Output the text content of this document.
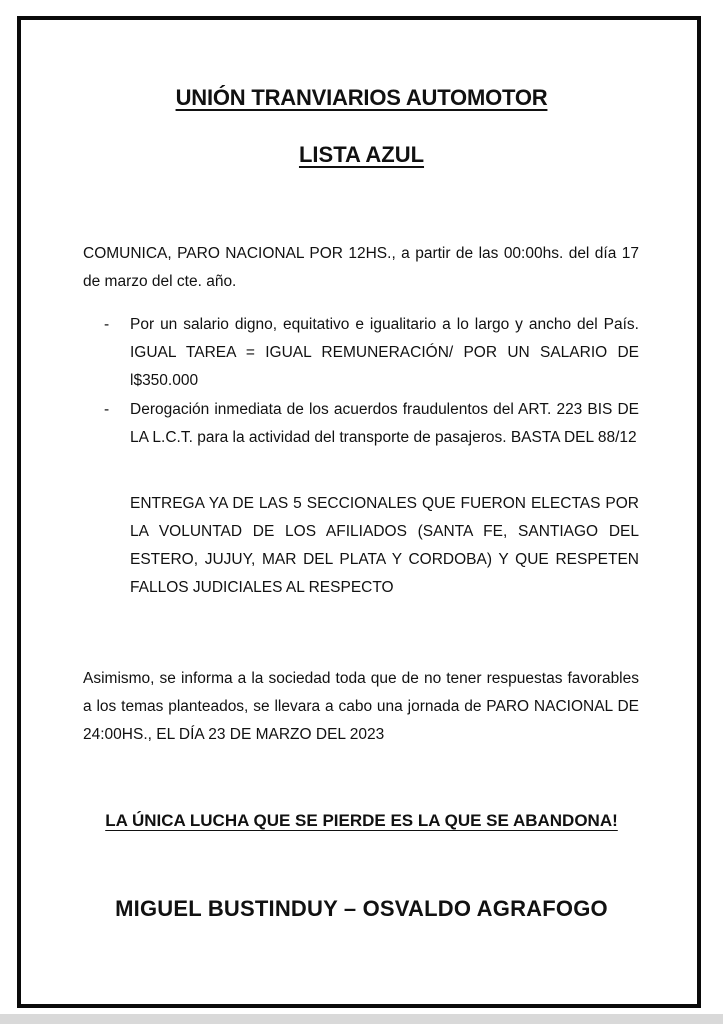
UNIÓN TRANVIARIOS AUTOMOTOR
LISTA AZUL
COMUNICA, PARO NACIONAL POR 12HS., a partir de las 00:00hs. del día 17 de marzo del cte. año.
- Por un salario digno, equitativo e igualitario a lo largo y ancho del País. IGUAL TAREA = IGUAL REMUNERACIÓN/ POR UN SALARIO DE l$350.000
- Derogación inmediata de los acuerdos fraudulentos del ART. 223 BIS DE LA L.C.T. para la actividad del transporte de pasajeros. BASTA DEL 88/12
ENTREGA YA DE LAS 5 SECCIONALES QUE FUERON ELECTAS POR LA VOLUNTAD DE LOS AFILIADOS (SANTA FE, SANTIAGO DEL ESTERO, JUJUY, MAR DEL PLATA Y CORDOBA) Y QUE RESPETEN FALLOS JUDICIALES AL RESPECTO
Asimismo, se informa a la sociedad toda que de no tener respuestas favorables a los temas planteados, se llevara a cabo una jornada de PARO NACIONAL DE 24:00HS., EL DÍA 23 DE MARZO DEL 2023
LA ÚNICA LUCHA QUE SE PIERDE ES LA QUE SE ABANDONA!
MIGUEL BUSTINDUY – OSVALDO AGRAFOGO
